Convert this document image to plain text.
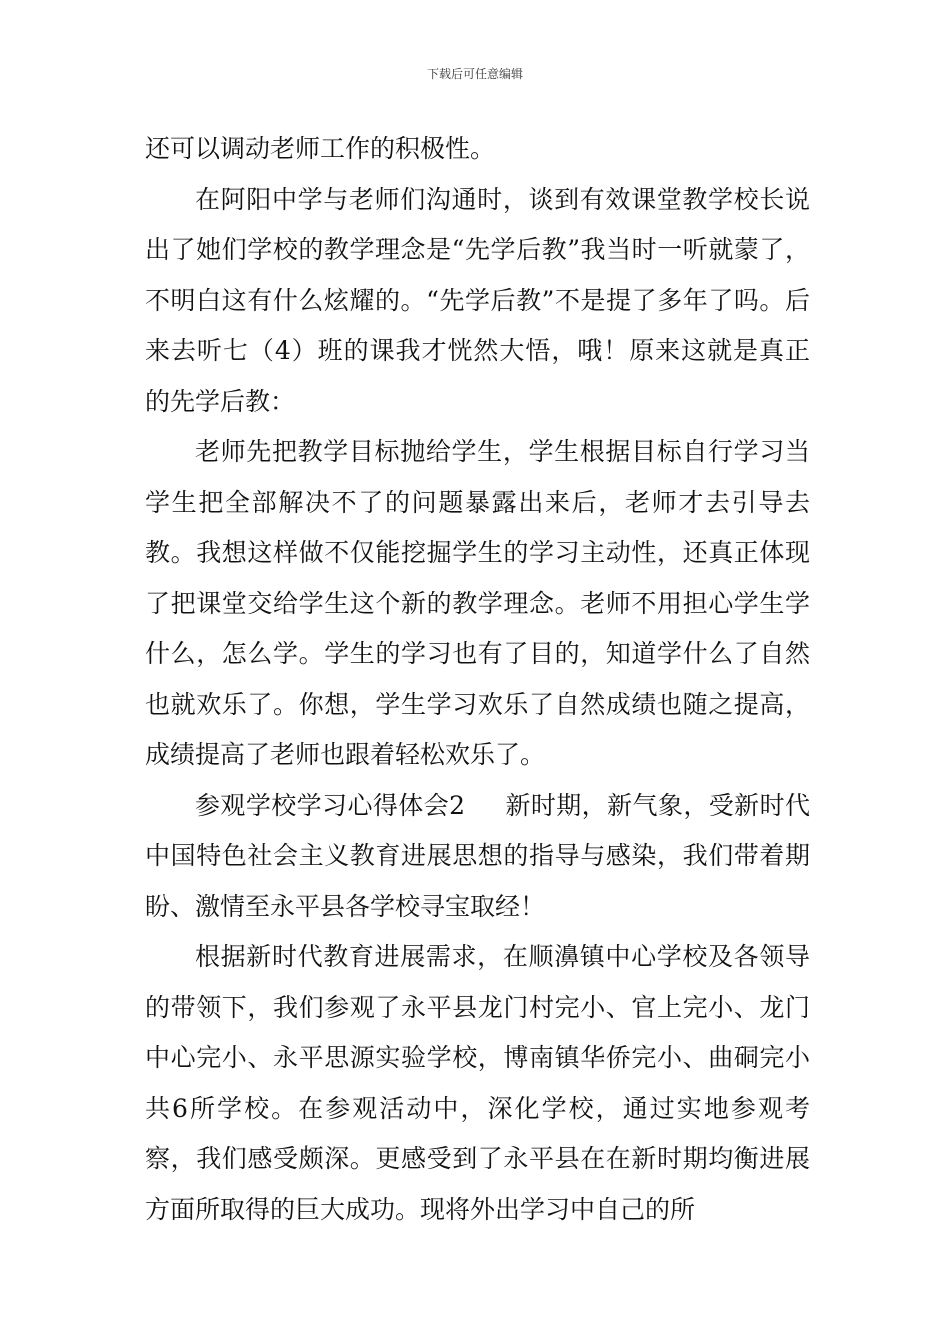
下载后可任意编辑

还可以调动老师工作的积极性。

在阿阳中学与老师们沟通时，谈到有效课堂教学校长说出了她们学校的教学理念是“先学后教”我当时一听就蒙了，不明白这有什么炫耀的。“先学后教”不是提了多年了吗。后来去听七（4）班的课我才恍然大悟，哦！原来这就是真正的先学后教：

老师先把教学目标抛给学生，学生根据目标自行学习当学生把全部解决不了的问题暴露出来后，老师才去引导去教。我想这样做不仅能挖掘学生的学习主动性，还真正体现了把课堂交给学生这个新的教学理念。老师不用担心学生学什么，怎么学。学生的学习也有了目的，知道学什么了自然也就欢乐了。你想，学生学习欢乐了自然成绩也随之提高，成绩提高了老师也跟着轻松欢乐了。

参观学校学习心得体会2 新时期，新气象，受新时代中国特色社会主义教育进展思想的指导与感染，我们带着期盼、激情至永平县各学校寻宝取经！

根据新时代教育进展需求，在顺濞镇中心学校及各领导的带领下，我们参观了永平县龙门村完小、官上完小、龙门中心完小、永平思源实验学校，博南镇华侨完小、曲硐完小共6所学校。在参观活动中，深化学校，通过实地参观考察，我们感受颇深。更感受到了永平县在在新时期均衡进展方面所取得的巨大成功。现将外出学习中自己的所
